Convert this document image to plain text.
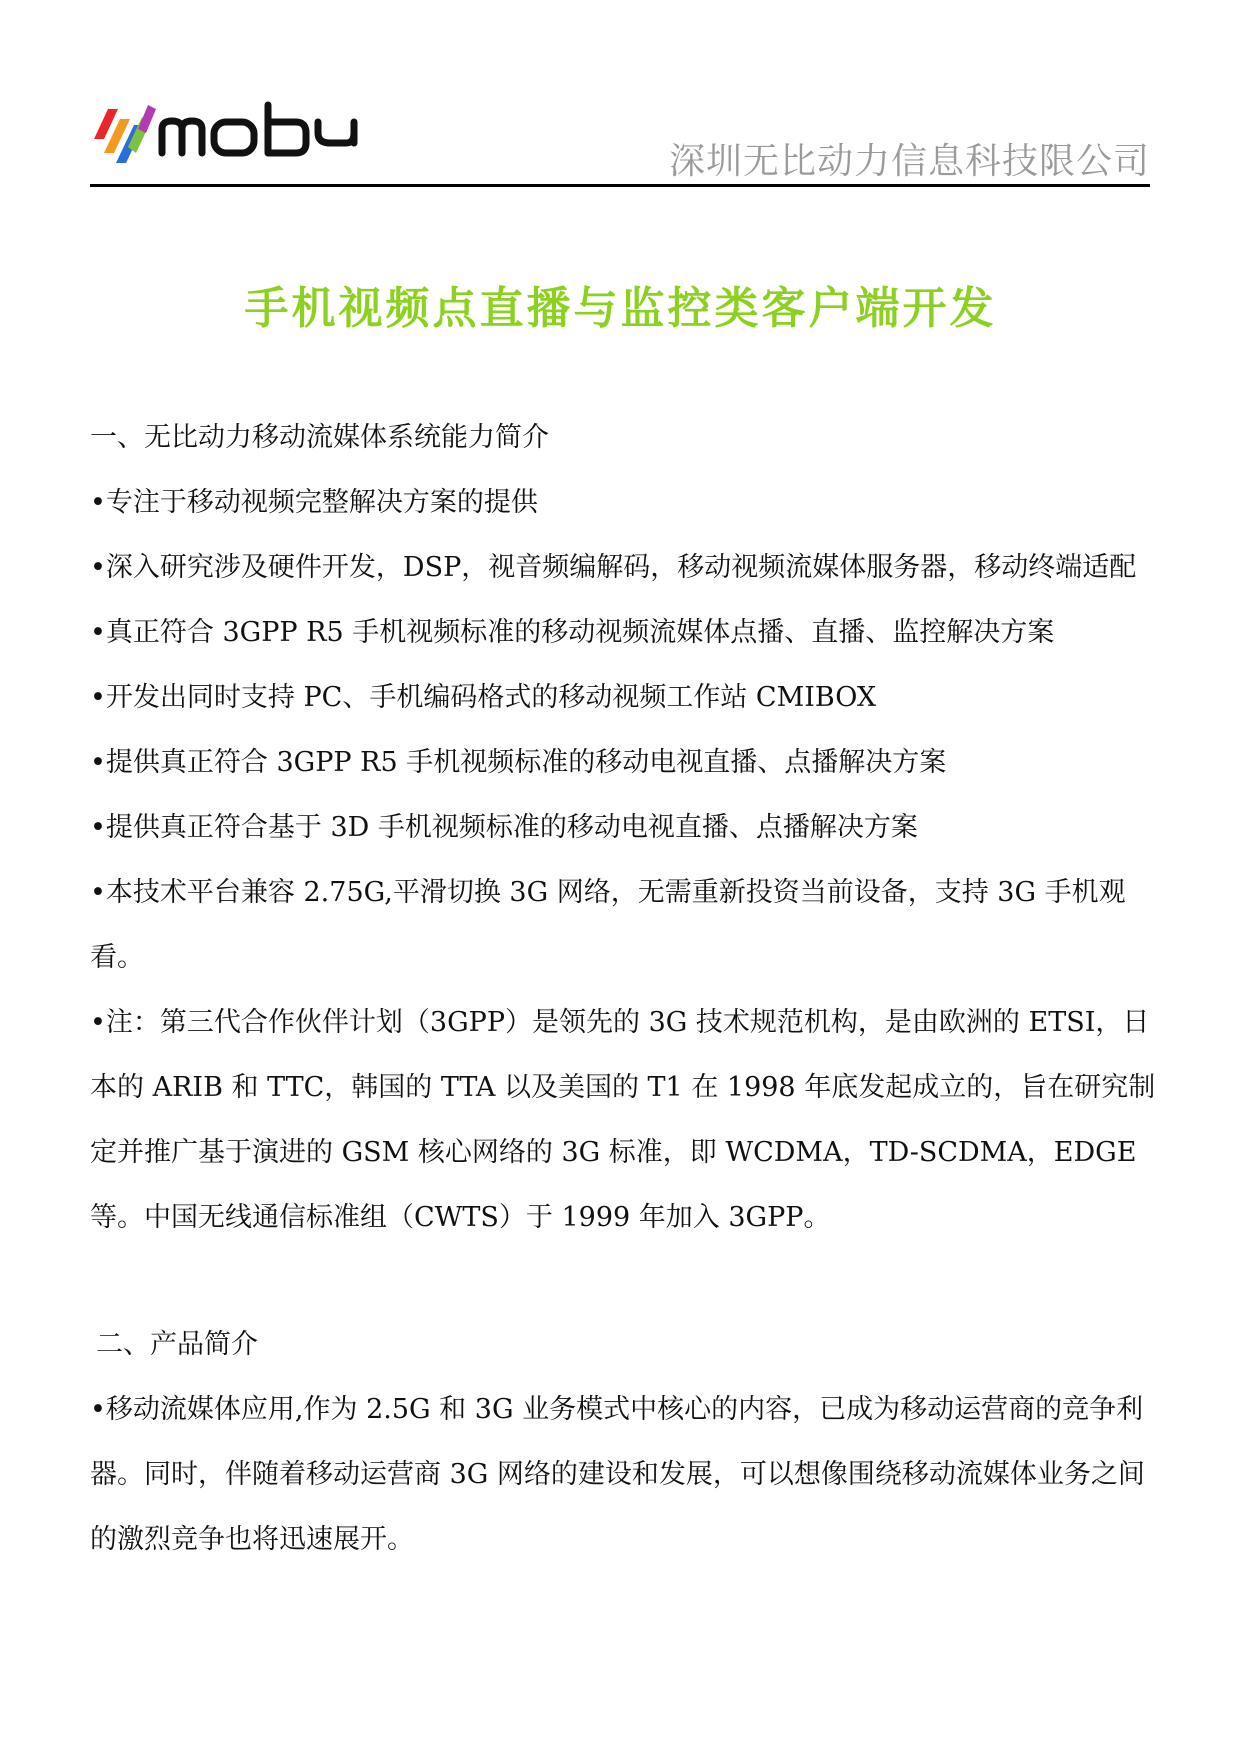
深圳无比动力信息科技限公司
手机视频点直播与监控类客户端开发

一、无比动力移动流媒体系统能力简介

•专注于移动视频完整解决方案的提供

•深入研究涉及硬件开发，DSP，视音频编解码，移动视频流媒体服务器，移动终端适配

•真正符合 3GPP R5 手机视频标准的移动视频流媒体点播、直播、监控解决方案

•开发出同时支持 PC、手机编码格式的移动视频工作站 CMIBOX

•提供真正符合 3GPP R5 手机视频标准的移动电视直播、点播解决方案

•提供真正符合基于 3D 手机视频标准的移动电视直播、点播解决方案

•本技术平台兼容 2.75G,平滑切换 3G 网络，无需重新投资当前设备，支持 3G 手机观看。

•注：第三代合作伙伴计划（3GPP）是领先的 3G 技术规范机构，是由欧洲的 ETSI，日本的 ARIB 和 TTC，韩国的 TTA 以及美国的 T1 在 1998 年底发起成立的，旨在研究制定并推广基于演进的 GSM 核心网络的 3G 标准，即 WCDMA，TD-SCDMA，EDGE 等。中国无线通信标准组（CWTS）于 1999 年加入 3GPP。

二、产品简介

•移动流媒体应用,作为 2.5G 和 3G 业务模式中核心的内容，已成为移动运营商的竞争利器。同时，伴随着移动运营商 3G 网络的建设和发展，可以想像围绕移动流媒体业务之间的激烈竞争也将迅速展开。
